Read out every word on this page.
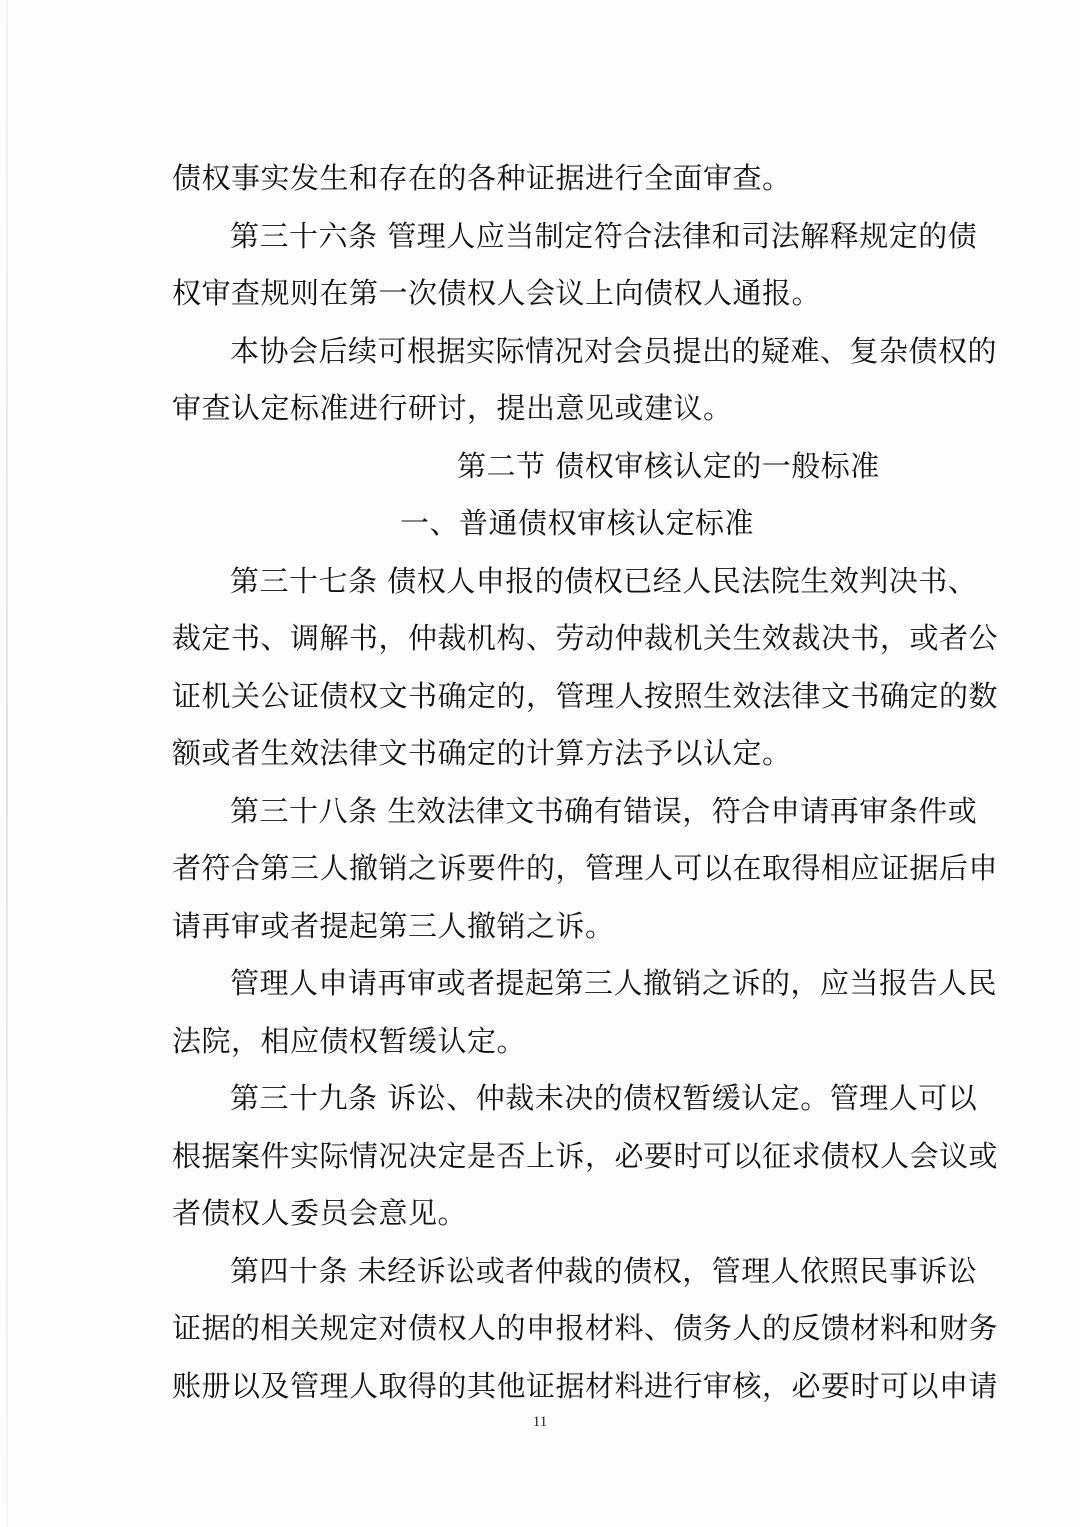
债权事实发生和存在的各种证据进行全面审查。
第三十六条 管理人应当制定符合法律和司法解释规定的债
权审查规则在第一次债权人会议上向债权人通报。
本协会后续可根据实际情况对会员提出的疑难、复杂债权的
审查认定标准进行研讨，提出意见或建议。
第二节 债权审核认定的一般标准
一、普通债权审核认定标准
第三十七条 债权人申报的债权已经人民法院生效判决书、
裁定书、调解书，仲裁机构、劳动仲裁机关生效裁决书，或者公
证机关公证债权文书确定的，管理人按照生效法律文书确定的数
额或者生效法律文书确定的计算方法予以认定。
第三十八条 生效法律文书确有错误，符合申请再审条件或
者符合第三人撤销之诉要件的，管理人可以在取得相应证据后申
请再审或者提起第三人撤销之诉。
管理人申请再审或者提起第三人撤销之诉的，应当报告人民
法院，相应债权暂缓认定。
第三十九条 诉讼、仲裁未决的债权暂缓认定。管理人可以
根据案件实际情况决定是否上诉，必要时可以征求债权人会议或
者债权人委员会意见。
第四十条 未经诉讼或者仲裁的债权，管理人依照民事诉讼
证据的相关规定对债权人的申报材料、债务人的反馈材料和财务
账册以及管理人取得的其他证据材料进行审核，必要时可以申请
11
